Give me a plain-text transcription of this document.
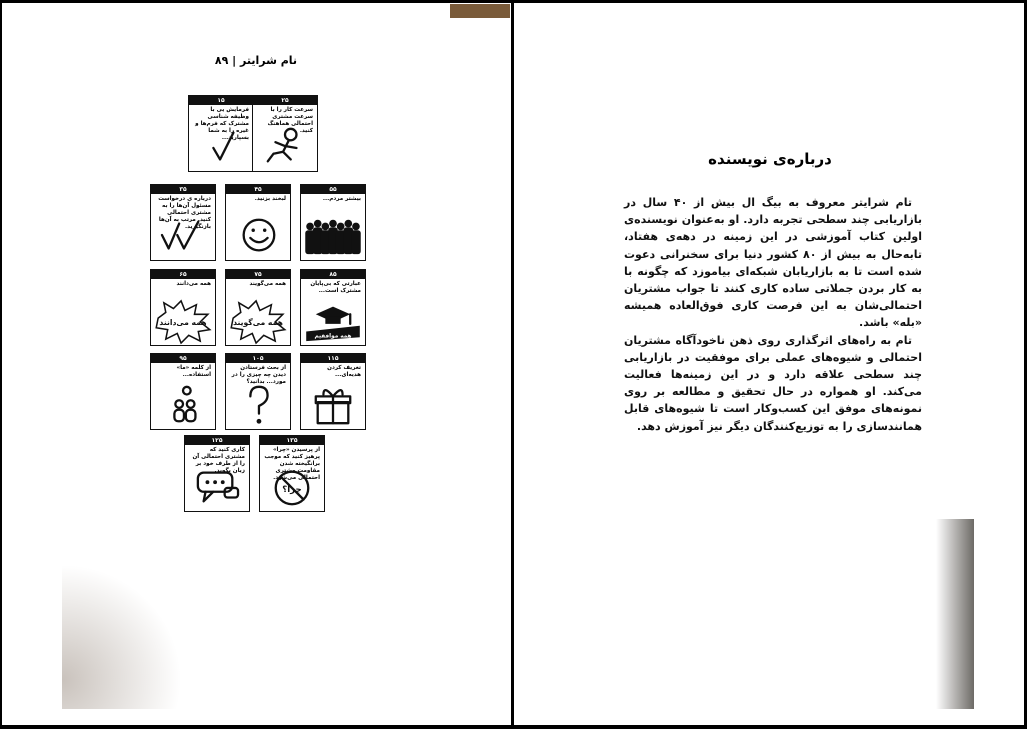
نام شرایتر | ۸۹
۱۵
فرمایش یی با وظیفه شناسی مشترک که فرم‌ها و غیره را به شما بسپارید...
۲۵
سرعت کار را با سرعت مشتری احتمالی هماهنگ کنید.
۳۵
درباره ی درخواست مسئول آن‌ها را به مشتری احتمالی کنید. مرتب به آن‌ها بازنگیرید.
۴۵
لبخند بزنید.
۵۵
بیشتر مردم...
۶۵
همه می‌دانند
همه می‌دانند
۷۵
همه می‌گویند
همه می‌گویند
۸۵
عبارتی که بی‌پایان مشترک است...
همه موافقیم
۹۵
از کلمه «ما» استفاده...
۱۰۵
از بحث فرستادن دیدن چه چیزی را در مورد... بدانید؟
۱۱۵
تعریف کردن هدیه‌ای...
۱۲۵
کاری کنید که مشتری احتمالی آن را از طرف خود بر زبان بگوید.
۱۳۵
از پرسیدن «چرا» پرهیز کنید که موجب برانگیخته شدن مقاومت مشتری احتمالی می‌شود.
چرا؟
درباره‌ی نویسنده

تام شرایتر معروف به بیگ ال بیش از ۴۰ سال در بازاریابی چند سطحی تجربه دارد. او به‌عنوان نویسنده‌ی اولین کتاب آموزشی در این زمینه در دهه‌ی هفتاد، تابه‌حال به بیش از ۸۰ کشور دنیا برای سخنرانی دعوت شده است تا به بازاریابان شبکه‌ای بیاموزد که چگونه با به کار بردن جملاتی ساده کاری کنند تا جواب مشتریان احتمالی‌شان به این فرصت کاری فوق‌العاده همیشه «بله» باشد.

تام به راه‌های اثرگذاری روی ذهن ناخودآگاه مشتریان احتمالی و شیوه‌های عملی برای موفقیت در بازاریابی چند سطحی علاقه دارد و در این زمینه‌ها فعالیت می‌کند. او همواره در حال تحقیق و مطالعه بر روی نمونه‌های موفق این کسب‌وکار است تا شیوه‌های قابل همانندسازی را به توزیع‌کنندگان دیگر نیز آموزش دهد.
